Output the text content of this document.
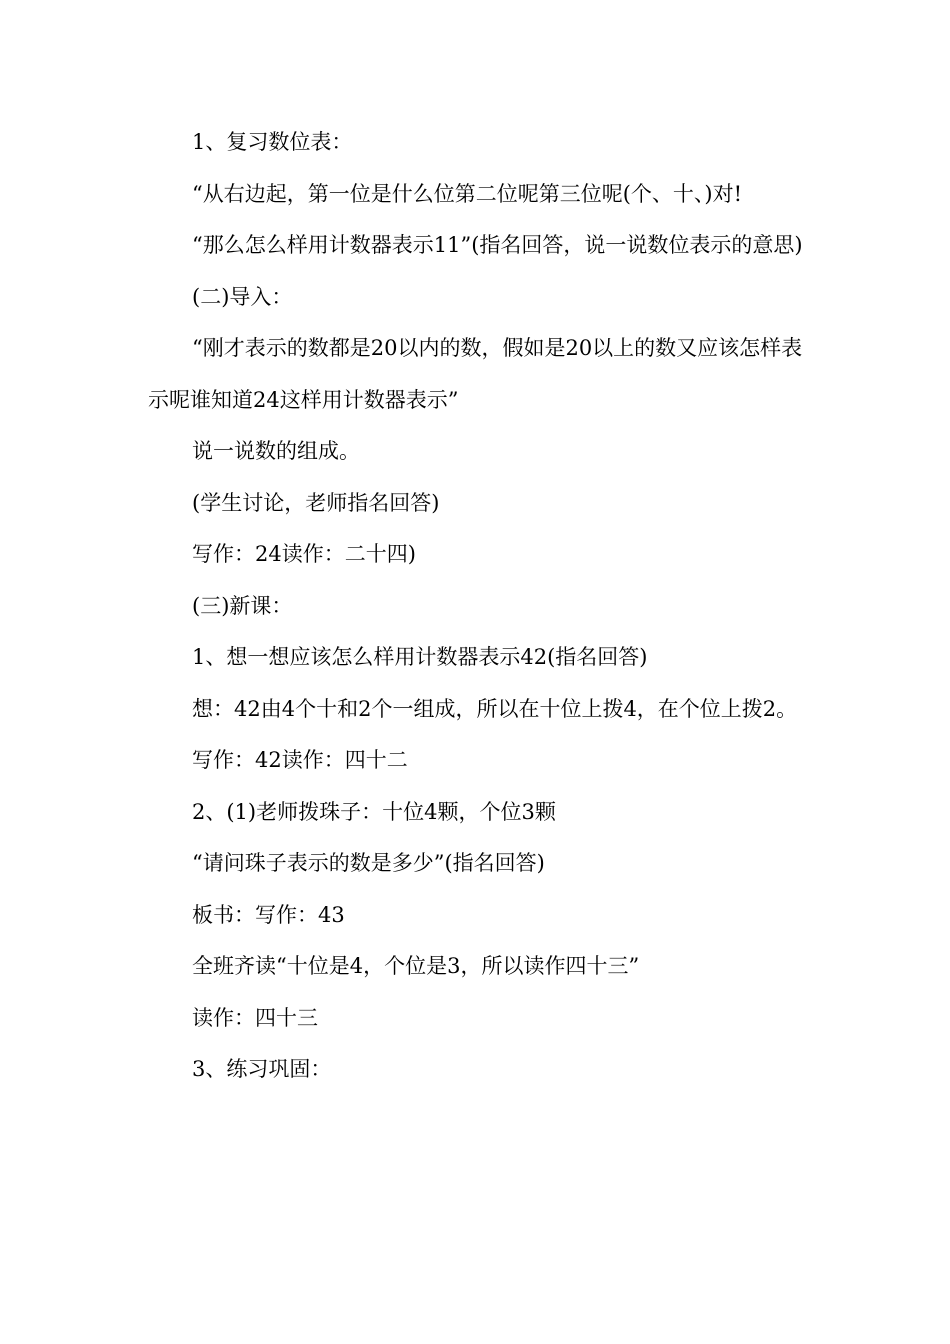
1、复习数位表：

“从右边起，第一位是什么位第二位呢第三位呢(个、十、)对!

“那么怎么样用计数器表示11”(指名回答，说一说数位表示的意思)

(二)导入：

“刚才表示的数都是20以内的数，假如是20以上的数又应该怎样表示呢谁知道24这样用计数器表示”

说一说数的组成。

(学生讨论，老师指名回答)

写作：24读作：二十四)

(三)新课：

1、想一想应该怎么样用计数器表示42(指名回答)

想：42由4个十和2个一组成，所以在十位上拨4，在个位上拨2。

写作：42读作：四十二

2、(1)老师拨珠子：十位4颗，个位3颗

“请问珠子表示的数是多少”(指名回答)

板书：写作：43

全班齐读“十位是4，个位是3，所以读作四十三”

读作：四十三

3、练习巩固：
